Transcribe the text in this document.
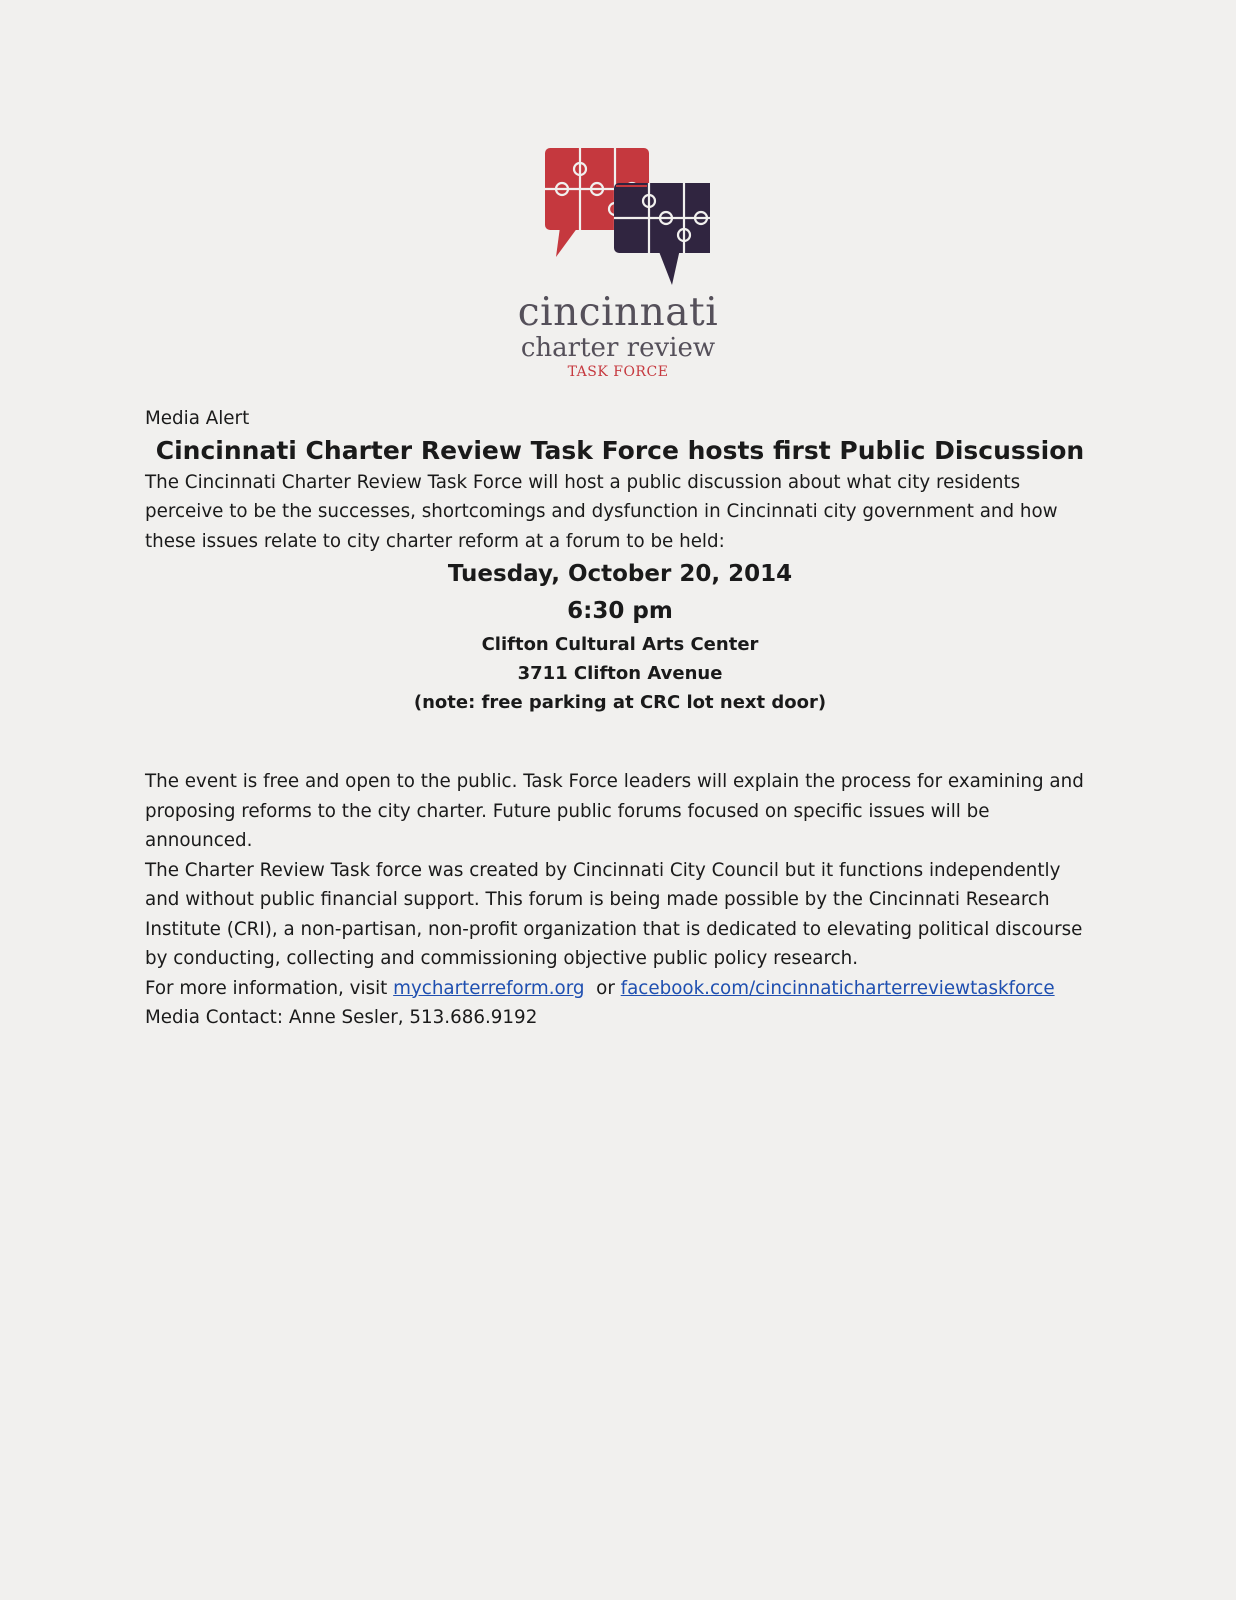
cincinnati
charter review
TASK FORCE

Media Alert

Cincinnati Charter Review Task Force hosts first Public Discussion

The Cincinnati Charter Review Task Force will host a public discussion about what city residents perceive to be the successes, shortcomings and dysfunction in Cincinnati city government and how these issues relate to city charter reform at a forum to be held:

Tuesday, October 20, 2014
6:30 pm
Clifton Cultural Arts Center
3711 Clifton Avenue
(note: free parking at CRC lot next door)

The event is free and open to the public. Task Force leaders will explain the process for examining and proposing reforms to the city charter. Future public forums focused on specific issues will be announced.

The Charter Review Task force was created by Cincinnati City Council but it functions independently and without public financial support. This forum is being made possible by the Cincinnati Research Institute (CRI), a non-partisan, non-profit organization that is dedicated to elevating political discourse by conducting, collecting and commissioning objective public policy research.

For more information, visit mycharterreform.org  or facebook.com/cincinnaticharterreviewtaskforce

Media Contact: Anne Sesler, 513.686.9192
